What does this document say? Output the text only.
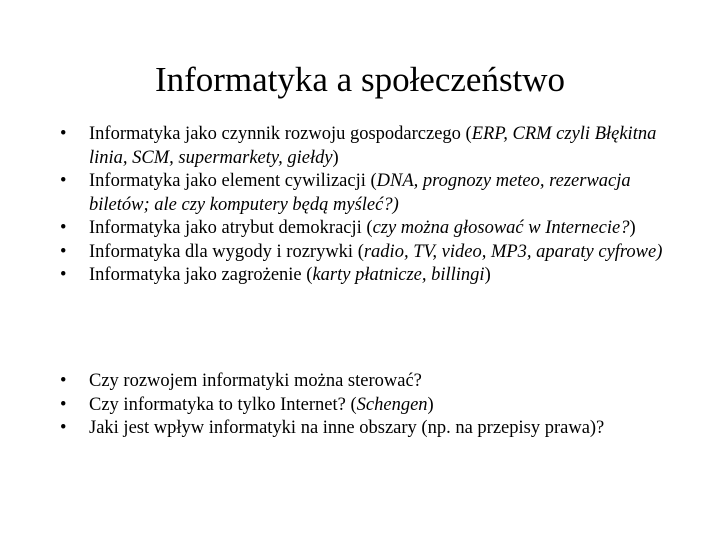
Informatyka a społeczeństwo
• Informatyka jako czynnik rozwoju gospodarczego (ERP, CRM czyli Błękitna linia, SCM, supermarkety, giełdy)
• Informatyka jako element cywilizacji (DNA, prognozy meteo, rezerwacja biletów; ale czy komputery będą myśleć?)
• Informatyka jako atrybut demokracji (czy można głosować w Internecie?)
• Informatyka dla wygody i rozrywki (radio, TV, video, MP3, aparaty cyfrowe)
• Informatyka jako zagrożenie (karty płatnicze, billingi)
• Czy rozwojem informatyki można sterować?
• Czy informatyka to tylko Internet? (Schengen)
• Jaki jest wpływ informatyki na inne obszary (np. na przepisy prawa)?
